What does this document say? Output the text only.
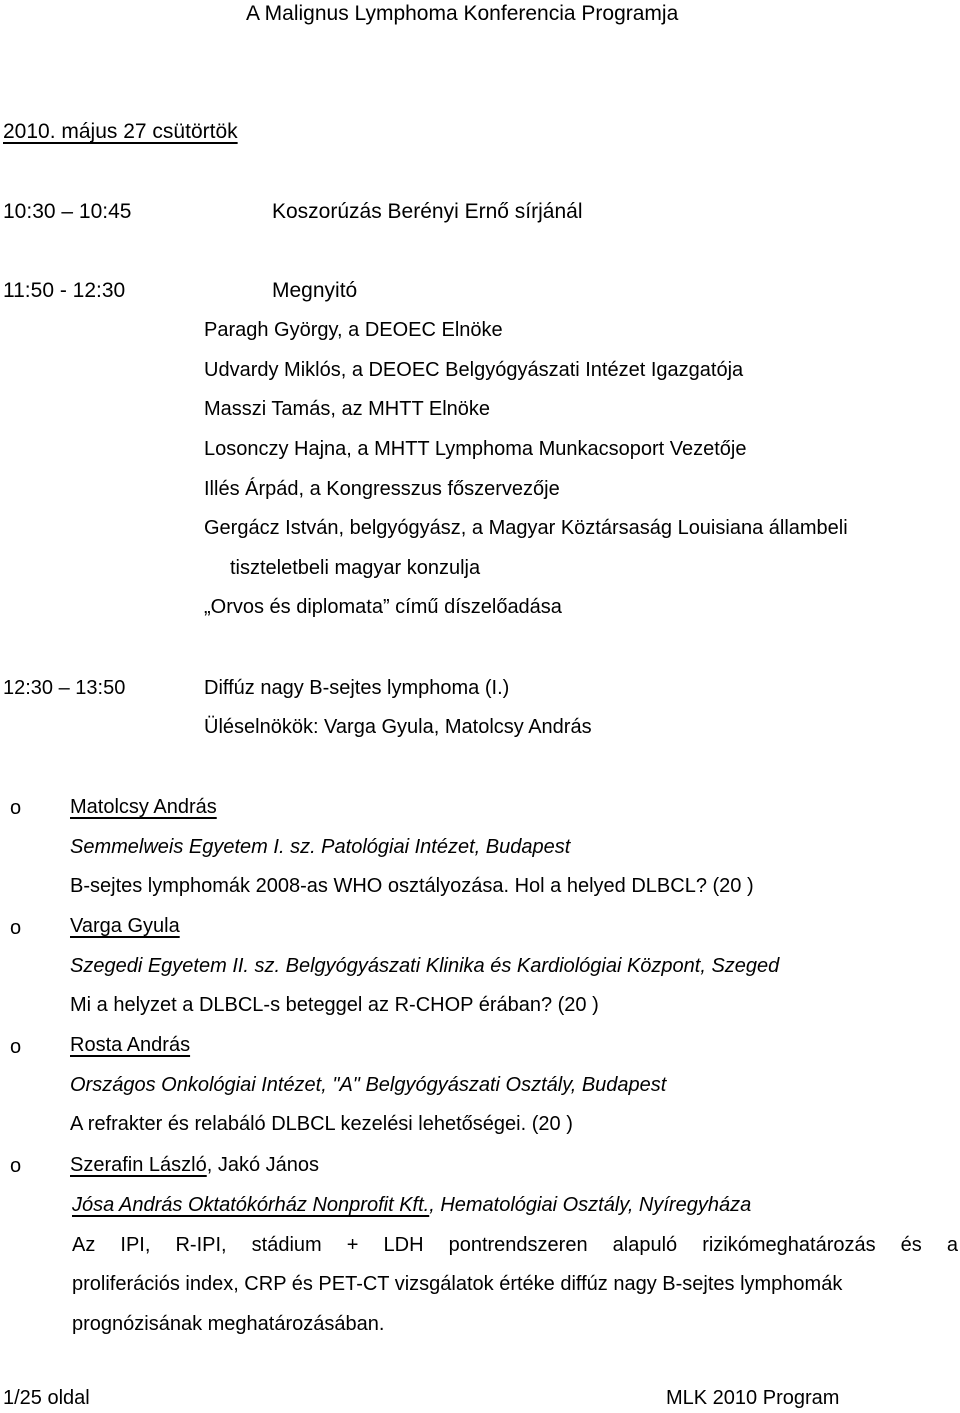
A Malignus Lymphoma Konferencia Programja
2010. május 27 csütörtök
10:30 – 10:45	Koszorúzás Berényi Ernő sírjánál
11:50 - 12:30	Megnyitó
Paragh György, a DEOEC Elnöke
Udvardy Miklós, a DEOEC Belgyógyászati Intézet Igazgatója
Masszi Tamás, az MHTT Elnöke
Losonczy Hajna, a MHTT Lymphoma Munkacsoport Vezetője
Illés Árpád, a Kongresszus főszervezője
Gergácz István, belgyógyász, a Magyar Köztársaság Louisiana állambeli
tiszteletbeli magyar konzulja
„Orvos és diplomata” című díszelőadása
12:30 – 13:50	Diffúz nagy B-sejtes lymphoma (I.)
Üléselnökök: Varga Gyula, Matolcsy András
o Matolcsy András
Semmelweis Egyetem I. sz. Patológiai Intézet, Budapest
B-sejtes lymphomák 2008-as WHO osztályozása. Hol a helyed DLBCL? (20 )
o Varga Gyula
Szegedi Egyetem II. sz. Belgyógyászati Klinika és Kardiológiai Központ, Szeged
Mi a helyzet a DLBCL-s beteggel az R-CHOP érában? (20 )
o Rosta András
Országos Onkológiai Intézet, "A" Belgyógyászati Osztály, Budapest
A refrakter és relabáló DLBCL kezelési lehetőségei. (20 )
o Szerafin László, Jakó János
Jósa András Oktatókórház Nonprofit Kft., Hematológiai Osztály, Nyíregyháza
Az IPI, R-IPI, stádium + LDH pontrendszeren alapuló rizikómeghatározás és a
proliferációs index, CRP és PET-CT vizsgálatok értéke diffúz nagy B-sejtes lymphomák
prognózisának meghatározásában.
1/25 oldal	MLK 2010 Program
